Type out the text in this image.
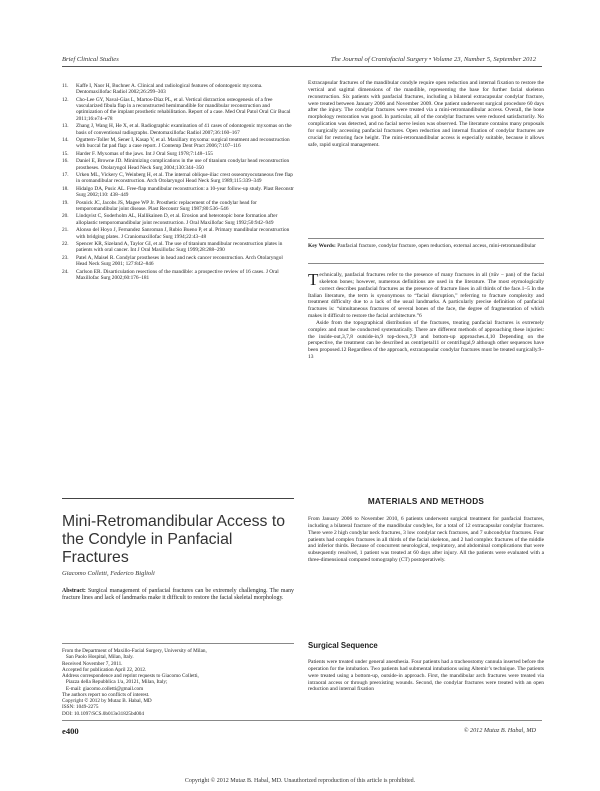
Brief Clinical Studies	The Journal of Craniofacial Surgery • Volume 23, Number 5, September 2012
11. Kaffe I, Naor H, Buchner A. Clinical and radiological features of odontogenic myxoma. Dentomaxillofac Radiol 2002;26:299–303
12. Cho-Lee GY, Naval-Gías L, Martos-Díaz PL, et al. Vertical distraction osteogenesis of a free vascularized fibula flap in a reconstructed hemimandible for mandibular reconstruction and optimization of the implant prosthetic rehabilitation. Report of a case. Med Oral Patol Oral Cir Bucal 2011;16:e74–e78
13. Zhang J, Wang H, He X, et al. Radiographic examination of 41 cases of odontogenic myxomas on the basis of conventional radiographs. Dentomaxillofac Radiol 2007;36:160–167
14. Oguttern-Toller M, Sener I, Kasap V, et al. Maxillary myxoma: surgical treatment and reconstruction with buccal fat pad flap: a case report. J Contemp Dent Pract 2006;7:107–116
15. Harder F. Myxomas of the jaws. Int J Oral Surg 1978;7:148–155
16. Daniel E, Browne JD. Minimizing complications in the use of titanium condylar head reconstruction prostheses. Otolaryngol Head Neck Surg 2004;130:344–350
17. Urken ML, Vickery C, Weinberg H, et al. The internal oblique-iliac crest osseomyocutaneous free flap in oromandibular reconstruction. Arch Otolaryngol Head Neck Surg 1989;115:339–349
18. Hidalgo DA, Pusic AL. Free-flap mandibular reconstruction: a 10-year follow-up study. Plast Reconstr Surg 2002;110: 438–449
19. Posnick JC, Jacobs JS, Magee WP Jr. Prosthetic replacement of the condylar head for temporomandibular joint disease. Plast Reconstr Surg 1987;80:536–546
20. Lindqvist C, Soderholm AL, Hallikainen D, et al. Erosion and heterotopic bone formation after alloplastic temporomandibular joint reconstruction. J Oral Maxillofac Surg 1992;50:942–949
21. Alonso del Hoyo J, Fernandez Sanroman J, Rubio Bueno P, et al. Primary mandibular reconstruction with bridging plates. J Craniomaxillofac Surg 1994;22:43–48
22. Spencer KR, Sizeland A, Taylor GI, et al. The use of titanium mandibular reconstruction plates in patients with oral cancer. Int J Oral Maxillofac Surg 1999;28:288–290
23. Patel A, Maisel R. Condylar prostheses in head and neck cancer reconstruction. Arch Otolaryngol Head Neck Surg 2001; 127:842–846
24. Carlson ER. Disarticulation resections of the mandible: a prospective review of 16 cases. J Oral Maxillofac Surg 2002;60:176–181
Extracapsular fractures of the mandibular condyle require open reduction and internal fixation to restore the vertical and sagittal dimensions of the mandible, representing the base for further facial skeleton reconstruction. Six patients with panfacial fractures, including a bilateral extracapsular condylar fracture, were treated between January 2006 and November 2009. One patient underwent surgical procedure 60 days after the injury. The condylar fractures were treated via a mini-retromandibular access. Overall, the bone morphology restoration was good. In particular, all of the condylar fractures were reduced satisfactorily. No complication was detected, and no facial nerve lesion was observed. The literature contains many proposals for surgically accessing panfacial fractures. Open reduction and internal fixation of condylar fractures are crucial for restoring face height. The mini-retromandibular access is especially suitable, because it allows safe, rapid surgical management.
Key Words: Panfacial fracture, condylar fracture, open reduction, external access, mini-retromandibular
T echnically, panfacial fractures refer to the presence of many fractures in all (πᾰν − pan) of the facial skeleton bones; however, numerous definitions are used in the literature. The most etymologically correct describes panfacial fractures as the presence of fracture lines in all thirds of the face.1–5 In the Italian literature, the term is synonymous to “facial disruption,” referring to fracture complexity and treatment difficulty due to a lack of the usual landmarks. A particularly precise definition of panfacial fractures is: “simultaneous fractures of several bones of the face, the degree of fragmentation of which makes it difficult to restore the facial architecture.”6
Aside from the topographical distribution of the fractures, treating panfacial fractures is extremely complex and must be conducted systematically. There are different methods of approaching these injuries: the inside-out,3,7,8 outside-in,9 top-down,7,9 and bottom-up approaches.4,10 Depending on the perspective, the treatment can be described as centripetal11 or centrifugal,9 although other sequences have been proposed.12 Regardless of the approach, extracapsular condylar fractures must be treated surgically.9–13
MATERIALS AND METHODS
From January 2006 to November 2010, 6 patients underwent surgical treatment for panfacial fractures, including a bilateral fracture of the mandibular condyles, for a total of 12 extracapsular condylar fractures. There were 2 high condylar neck fractures, 3 low condylar neck fractures, and 7 subcondylar fractures. Four patients had complex fractures in all thirds of the facial skeleton, and 2 had complex fractures of the middle and inferior thirds. Because of concurrent neurological, respiratory, and abdominal complications that were subsequently resolved, 1 patient was treated at 60 days after injury. All the patients were evaluated with a three-dimensional computed tomography (CT) postoperatively.
Surgical Sequence
Patients were treated under general anesthesia. Four patients had a tracheostomy cannula inserted before the operation for the intubation. Two patients had submental intubations using Altemir’s technique. The patients were treated using a bottom-up, outside-in approach. First, the mandibular arch fractures were treated via intraoral access or through preexisting wounds. Second, the condylar fractures were treated with an open reduction and internal fixation
Mini-Retromandibular Access to the Condyle in Panfacial Fractures
Giacomo Colletti, Federico Biglioli
Abstract: Surgical management of panfacial fractures can be extremely challenging. The many fracture lines and lack of landmarks make it difficult to restore the facial skeletal morphology.
From the Department of Maxillo-Facial Surgery, University of Milan,
San Paolo Hospital, Milan, Italy.
Received November 7, 2011.
Accepted for publication April 22, 2012.
Address correspondence and reprint requests to Giacomo Colletti,
Piazza della Repubblica 1/a, 20121, Milan, Italy;
E-mail: giacomo.colletti@gmail.com
The authors report no conflicts of interest.
Copyright © 2012 by Mutaz B. Habal, MD
ISSN: 1049-2275
DOI: 10.1097/SCS.0b013e31825bd004
e400	© 2012 Mutaz B. Habal, MD
Copyright © 2012 Mutaz B. Habal, MD. Unauthorized reproduction of this article is prohibited.
